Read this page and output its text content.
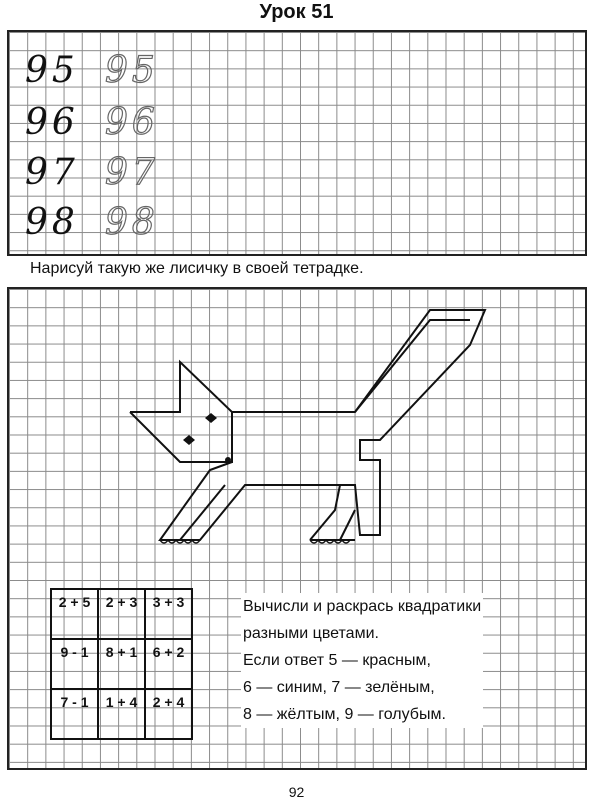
Урок 51
95 95
96 96
97 97
98 98
Нарисуй такую же лисичку в своей тетрадке.
2 + 5	2 + 3	3 + 3
9 - 1	8 + 1	6 + 2
7 - 1	1 + 4	2 + 4
Вычисли и раскрась квадратики
разными цветами.
Если ответ 5 — красным,
6 — синим, 7 — зелёным,
8 — жёлтым, 9 — голубым.
92
